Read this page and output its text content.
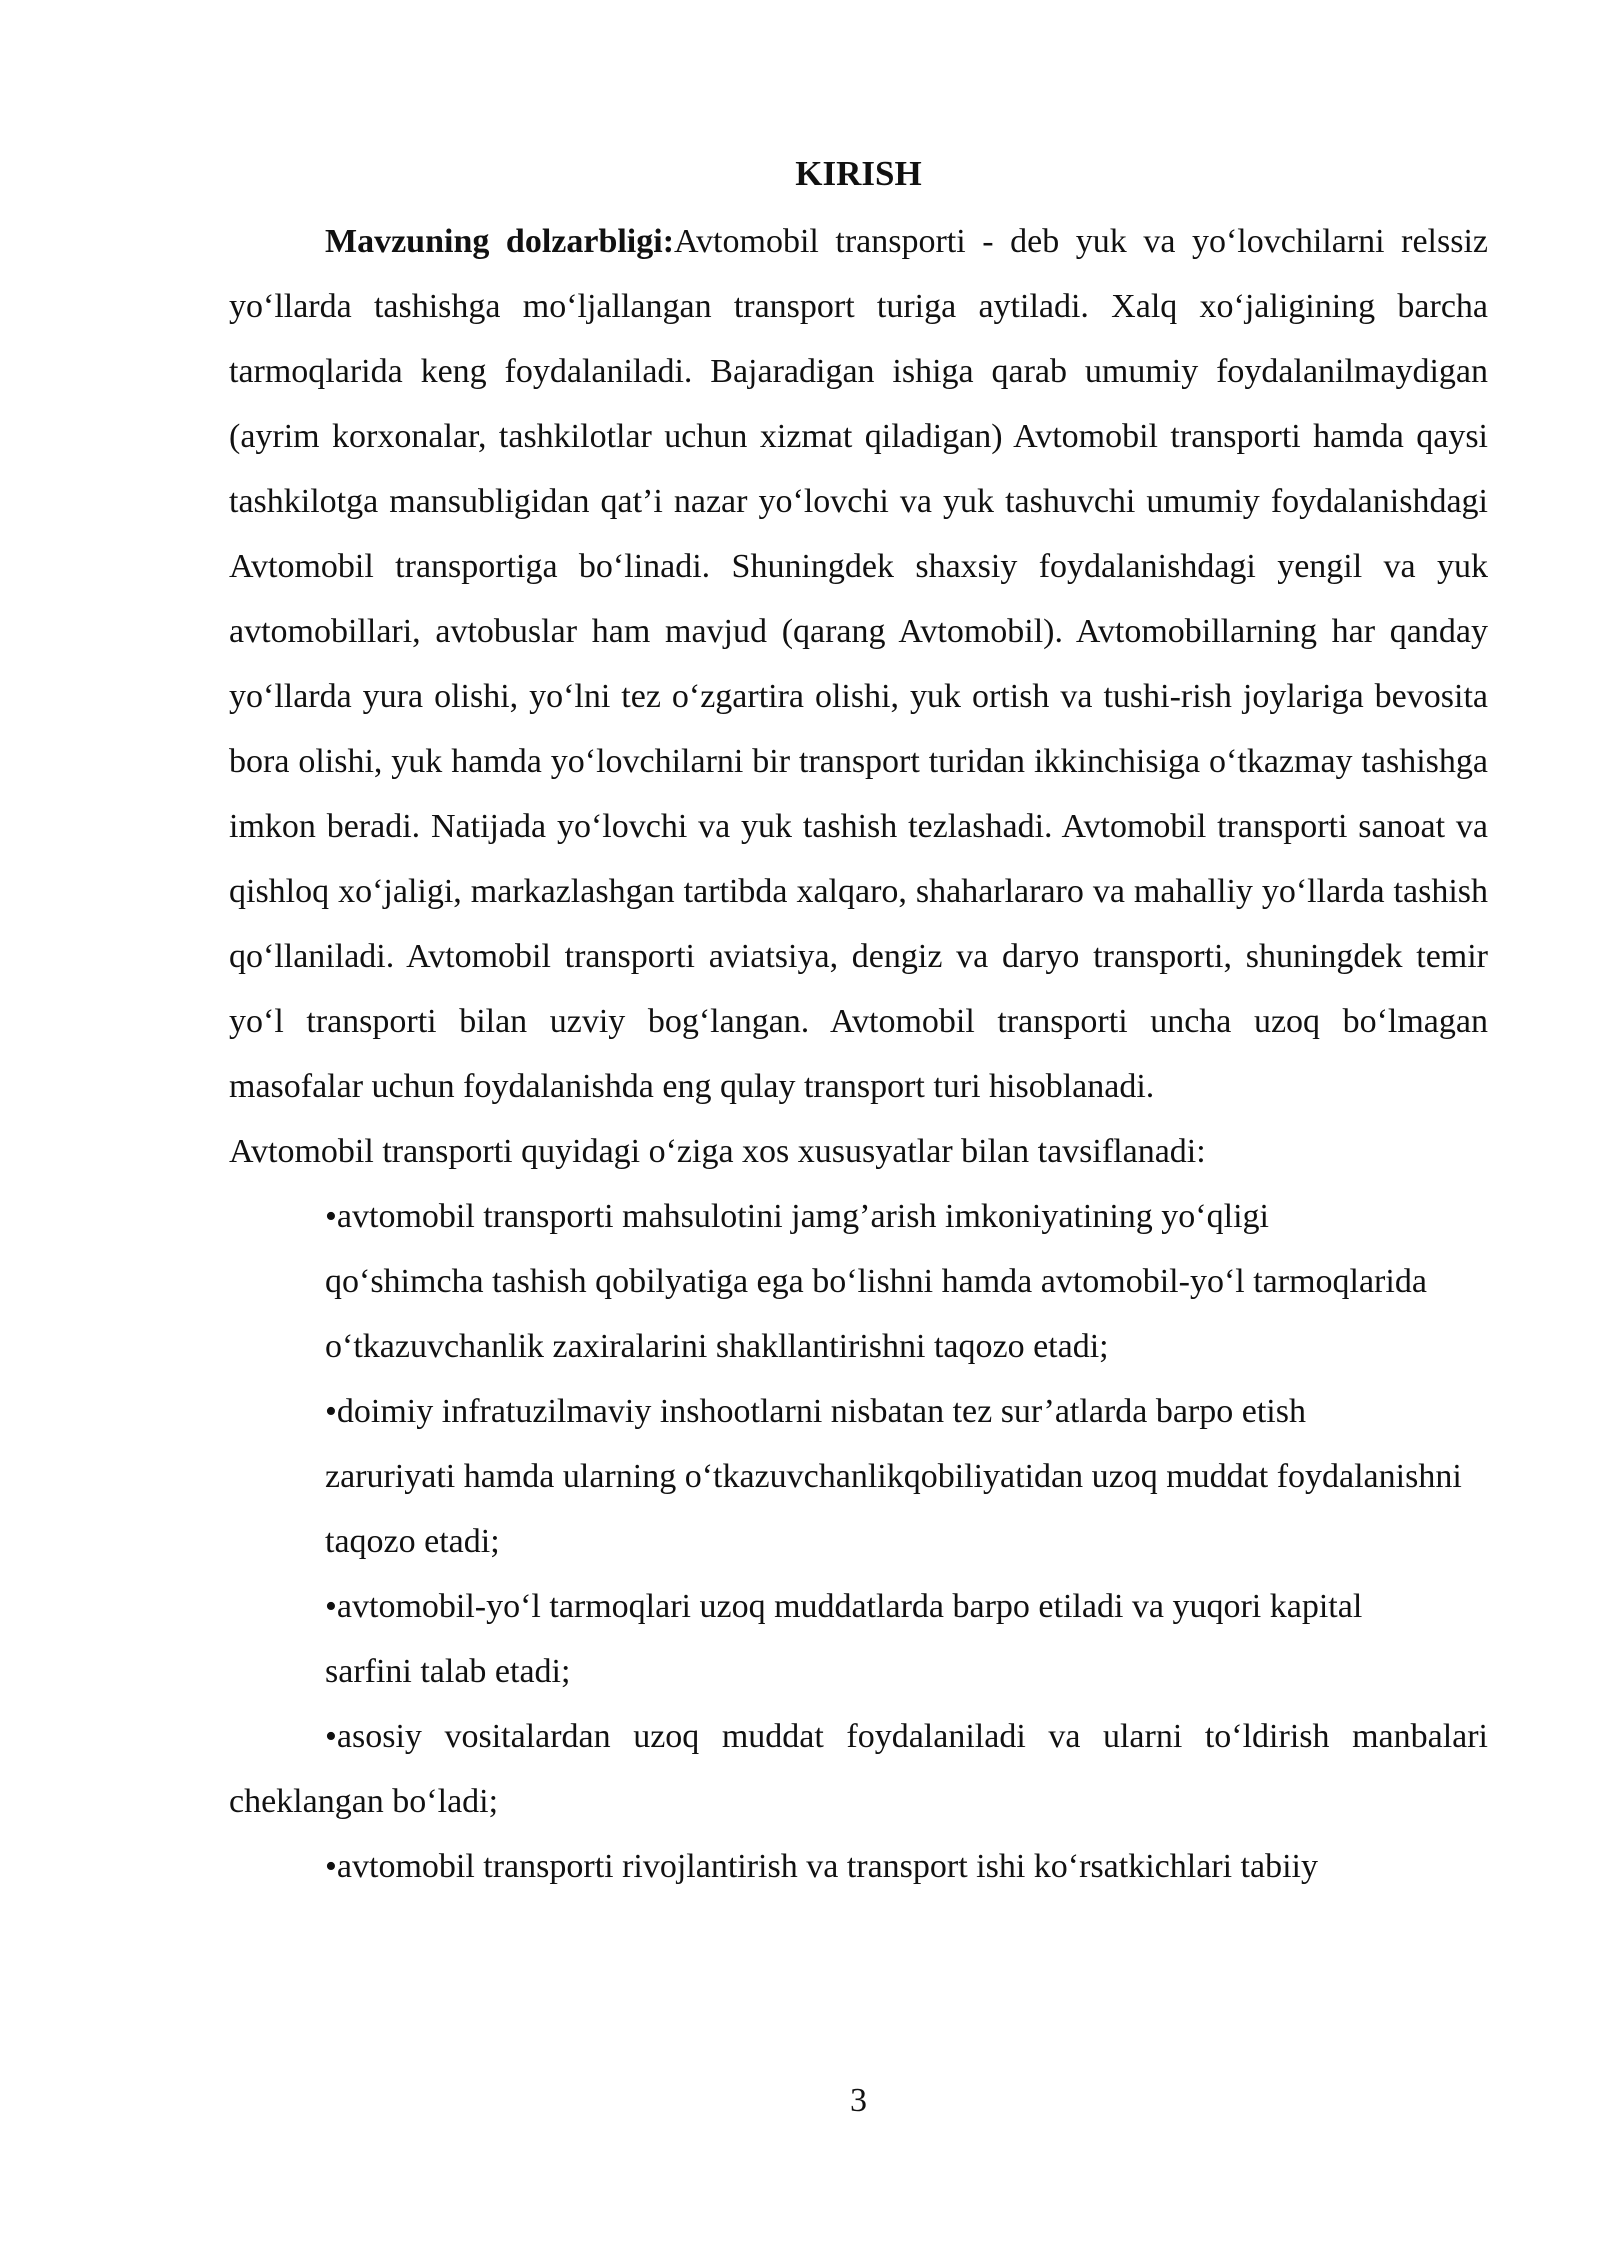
KIRISH

Mavzuning dolzarbligi:Avtomobil transporti - deb yuk va yo‘lovchilarni relssiz yo‘llarda tashishga mo‘ljallangan transport turiga aytiladi. Xalq xo‘jaligining barcha tarmoqlarida keng foydalaniladi. Bajaradigan ishiga qarab umumiy foydalanilmaydigan (ayrim korxonalar, tashkilotlar uchun xizmat qiladigan) Avtomobil transporti hamda qaysi tashkilotga mansubligidan qat’i nazar yo‘lovchi va yuk tashuvchi umumiy foydalanishdagi Avtomobil transportiga bo‘linadi. Shuningdek shaxsiy foydalanishdagi yengil va yuk avtomobillari, avtobuslar ham mavjud (qarang Avtomobil). Avtomobillarning har qanday yo‘llarda yura olishi, yo‘lni tez o‘zgartira olishi, yuk ortish va tushi-rish joylariga bevosita bora olishi, yuk hamda yo‘lovchilarni bir transport turidan ikkinchisiga o‘tkazmay tashishga imkon beradi. Natijada yo‘lovchi va yuk tashish tezlashadi. Avtomobil transporti sanoat va qishloq xo‘jaligi, markazlashgan tartibda xalqaro, shaharlararo va mahalliy yo‘llarda tashish qo‘llaniladi. Avtomobil transporti aviatsiya, dengiz va daryo transporti, shuningdek temir yo‘l transporti bilan uzviy bog‘langan. Avtomobil transporti uncha uzoq bo‘lmagan masofalar uchun foydalanishda eng qulay transport turi hisoblanadi.

Avtomobil transporti quyidagi o‘ziga xos xususyatlar bilan tavsiflanadi:

•avtomobil transporti mahsulotini jamg’arish imkoniyatining yo‘qligi

qo‘shimcha tashish qobilyatiga ega bo‘lishni hamda avtomobil-yo‘l tarmoqlarida

o‘tkazuvchanlik zaxiralarini shakllantirishni taqozo etadi;

•doimiy infratuzilmaviy inshootlarni nisbatan tez sur’atlarda barpo etish

zaruriyati hamda ularning o‘tkazuvchanlikqobiliyatidan uzoq muddat foydalanishni

taqozo etadi;

•avtomobil-yo‘l tarmoqlari uzoq muddatlarda barpo etiladi va yuqori kapital

sarfini talab etadi;

•asosiy vositalardan uzoq muddat foydalaniladi va ularni to‘ldirish manbalari cheklangan bo‘ladi;

•avtomobil transporti rivojlantirish va transport ishi ko‘rsatkichlari tabiiy

3
